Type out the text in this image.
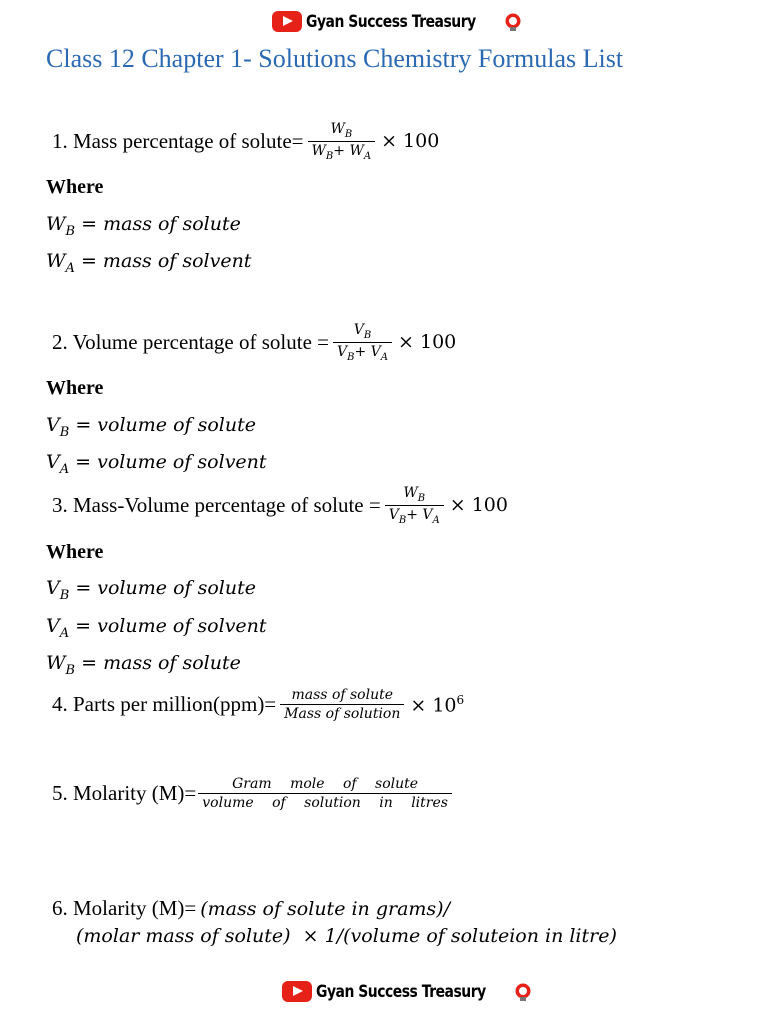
Gyan Success Treasury
Class 12 Chapter 1- Solutions Chemistry Formulas List
1. Mass percentage of solute= $\frac{W_B}{W_B+ W_A} \times 100$
Where
$W_B$ = mass of solute
$W_A$ = mass of solvent
2. Volume percentage of solute = $\frac{V_B}{V_B+ V_A} \times 100$
Where
$V_B$ = volume of solute
$V_A$ = volume of solvent
3. Mass-Volume percentage of solute = $\frac{W_B}{V_B+ V_A} \times 100$
Where
$V_B$ = volume of solute
$V_A$ = volume of solvent
$W_B$ = mass of solute
4. Parts per million(ppm)= $\frac{\text{mass of solute}}{\text{Mass of solution}} \times 10^6$
5. Molarity $(M)= \frac{\text{Gram mole of solute}}{\text{volume of solution in litres}}$
6. Molarity (M)= (mass of solute in grams)/
(molar mass of solute)  × 1/(volume of soluteion in litre)
Gyan Success Treasury
